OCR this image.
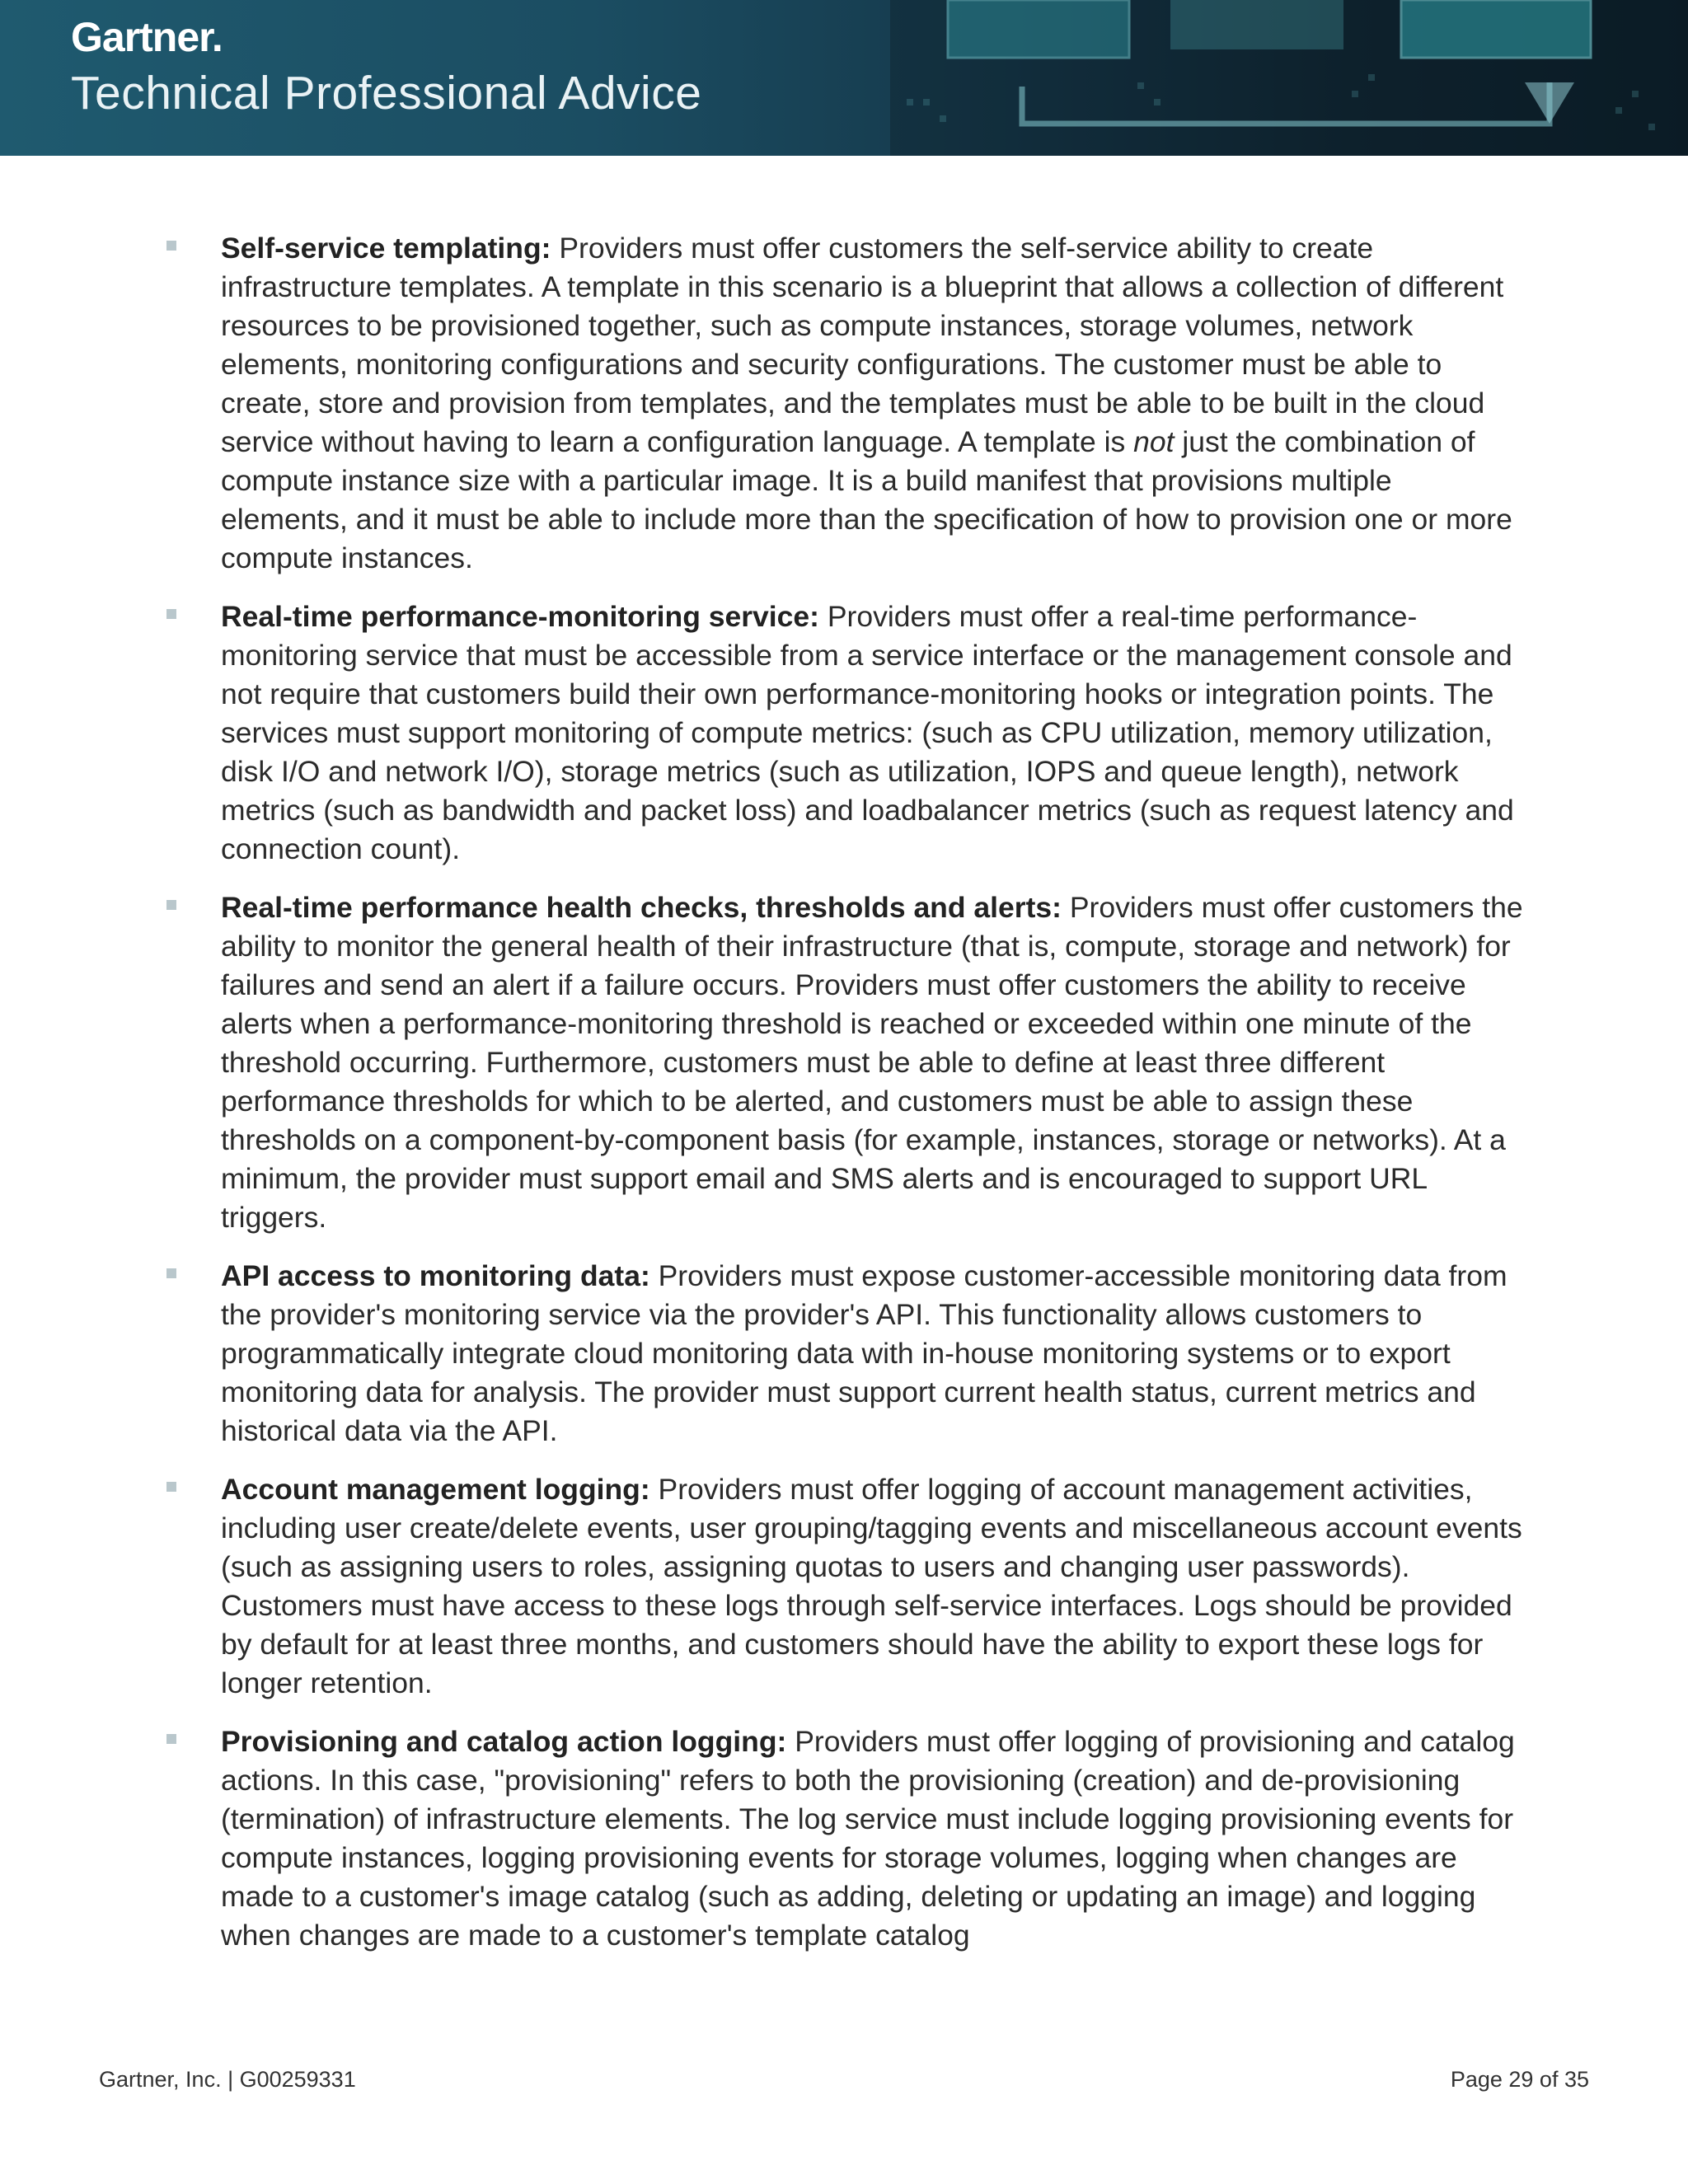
Gartner.
Technical Professional Advice

Self-service templating: Providers must offer customers the self-service ability to create infrastructure templates. A template in this scenario is a blueprint that allows a collection of different resources to be provisioned together, such as compute instances, storage volumes, network elements, monitoring configurations and security configurations. The customer must be able to create, store and provision from templates, and the templates must be able to be built in the cloud service without having to learn a configuration language. A template is not just the combination of compute instance size with a particular image. It is a build manifest that provisions multiple elements, and it must be able to include more than the specification of how to provision one or more compute instances.

Real-time performance-monitoring service: Providers must offer a real-time performance-monitoring service that must be accessible from a service interface or the management console and not require that customers build their own performance-monitoring hooks or integration points. The services must support monitoring of compute metrics: (such as CPU utilization, memory utilization, disk I/O and network I/O), storage metrics (such as utilization, IOPS and queue length), network metrics (such as bandwidth and packet loss) and loadbalancer metrics (such as request latency and connection count).

Real-time performance health checks, thresholds and alerts: Providers must offer customers the ability to monitor the general health of their infrastructure (that is, compute, storage and network) for failures and send an alert if a failure occurs. Providers must offer customers the ability to receive alerts when a performance-monitoring threshold is reached or exceeded within one minute of the threshold occurring. Furthermore, customers must be able to define at least three different performance thresholds for which to be alerted, and customers must be able to assign these thresholds on a component-by-component basis (for example, instances, storage or networks). At a minimum, the provider must support email and SMS alerts and is encouraged to support URL triggers.

API access to monitoring data: Providers must expose customer-accessible monitoring data from the provider's monitoring service via the provider's API. This functionality allows customers to programmatically integrate cloud monitoring data with in-house monitoring systems or to export monitoring data for analysis. The provider must support current health status, current metrics and historical data via the API.

Account management logging: Providers must offer logging of account management activities, including user create/delete events, user grouping/tagging events and miscellaneous account events (such as assigning users to roles, assigning quotas to users and changing user passwords). Customers must have access to these logs through self-service interfaces. Logs should be provided by default for at least three months, and customers should have the ability to export these logs for longer retention.

Provisioning and catalog action logging: Providers must offer logging of provisioning and catalog actions. In this case, "provisioning" refers to both the provisioning (creation) and de-provisioning (termination) of infrastructure elements. The log service must include logging provisioning events for compute instances, logging provisioning events for storage volumes, logging when changes are made to a customer's image catalog (such as adding, deleting or updating an image) and logging when changes are made to a customer's template catalog

Gartner, Inc. | G00259331	Page 29 of 35
